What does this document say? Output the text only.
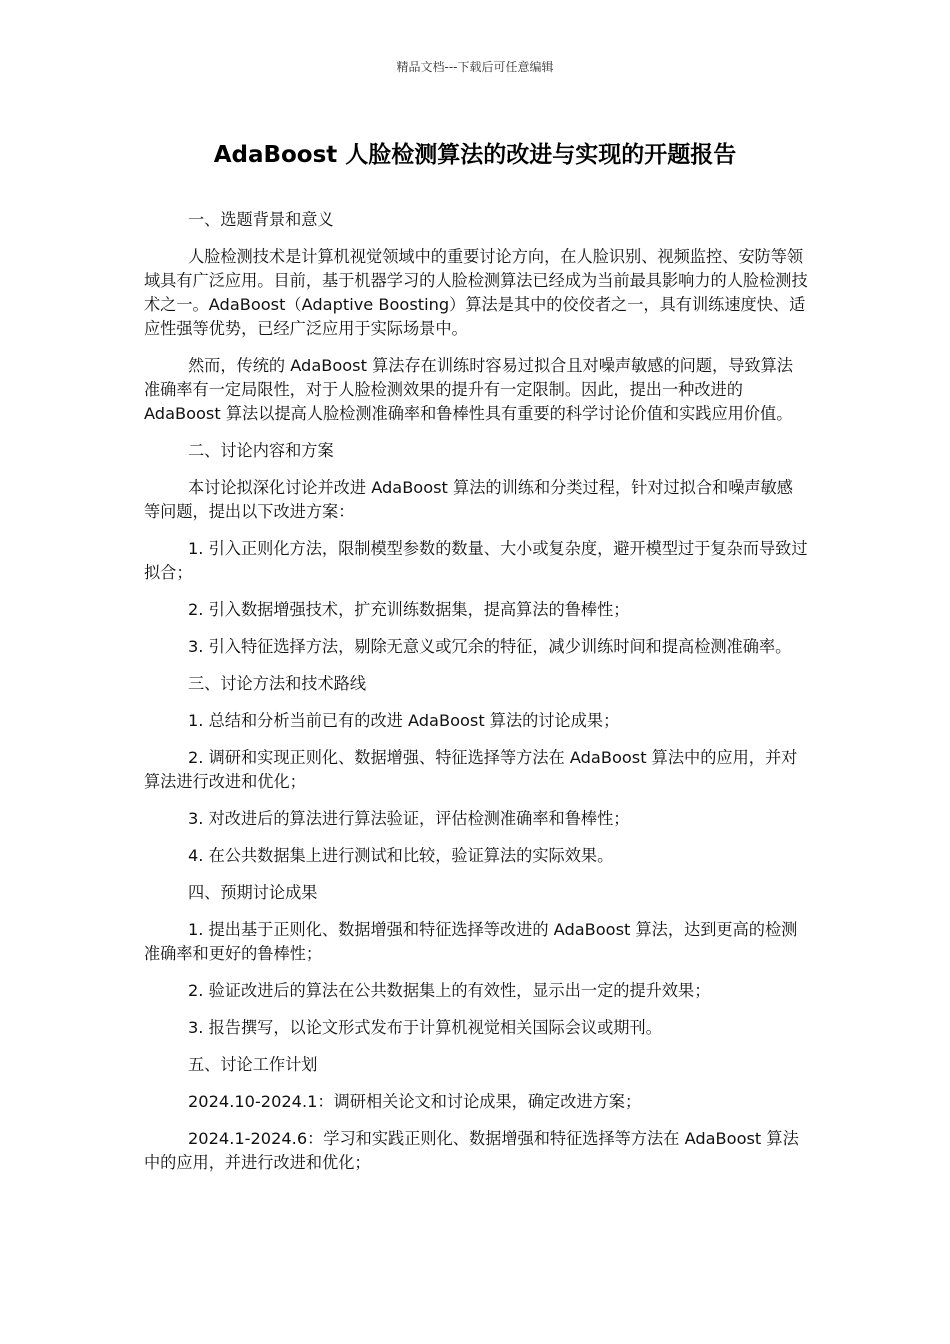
精品文档---下载后可任意编辑
AdaBoost 人脸检测算法的改进与实现的开题报告

一、选题背景和意义

人脸检测技术是计算机视觉领域中的重要讨论方向，在人脸识别、视频监控、安防等领域具有广泛应用。目前，基于机器学习的人脸检测算法已经成为当前最具影响力的人脸检测技术之一。AdaBoost（Adaptive Boosting）算法是其中的佼佼者之一，具有训练速度快、适应性强等优势，已经广泛应用于实际场景中。

然而，传统的 AdaBoost 算法存在训练时容易过拟合且对噪声敏感的问题，导致算法准确率有一定局限性，对于人脸检测效果的提升有一定限制。因此，提出一种改进的 AdaBoost 算法以提高人脸检测准确率和鲁棒性具有重要的科学讨论价值和实践应用价值。

二、讨论内容和方案

本讨论拟深化讨论并改进 AdaBoost 算法的训练和分类过程，针对过拟合和噪声敏感等问题，提出以下改进方案：

1. 引入正则化方法，限制模型参数的数量、大小或复杂度，避开模型过于复杂而导致过拟合；

2. 引入数据增强技术，扩充训练数据集，提高算法的鲁棒性；

3. 引入特征选择方法，剔除无意义或冗余的特征，减少训练时间和提高检测准确率。

三、讨论方法和技术路线

1. 总结和分析当前已有的改进 AdaBoost 算法的讨论成果；

2. 调研和实现正则化、数据增强、特征选择等方法在 AdaBoost 算法中的应用，并对算法进行改进和优化；

3. 对改进后的算法进行算法验证，评估检测准确率和鲁棒性；

4. 在公共数据集上进行测试和比较，验证算法的实际效果。

四、预期讨论成果

1. 提出基于正则化、数据增强和特征选择等改进的 AdaBoost 算法，达到更高的检测准确率和更好的鲁棒性；

2. 验证改进后的算法在公共数据集上的有效性，显示出一定的提升效果；

3. 报告撰写，以论文形式发布于计算机视觉相关国际会议或期刊。

五、讨论工作计划

2024.10-2024.1：调研相关论文和讨论成果，确定改进方案；

2024.1-2024.6：学习和实践正则化、数据增强和特征选择等方法在 AdaBoost 算法中的应用，并进行改进和优化；
